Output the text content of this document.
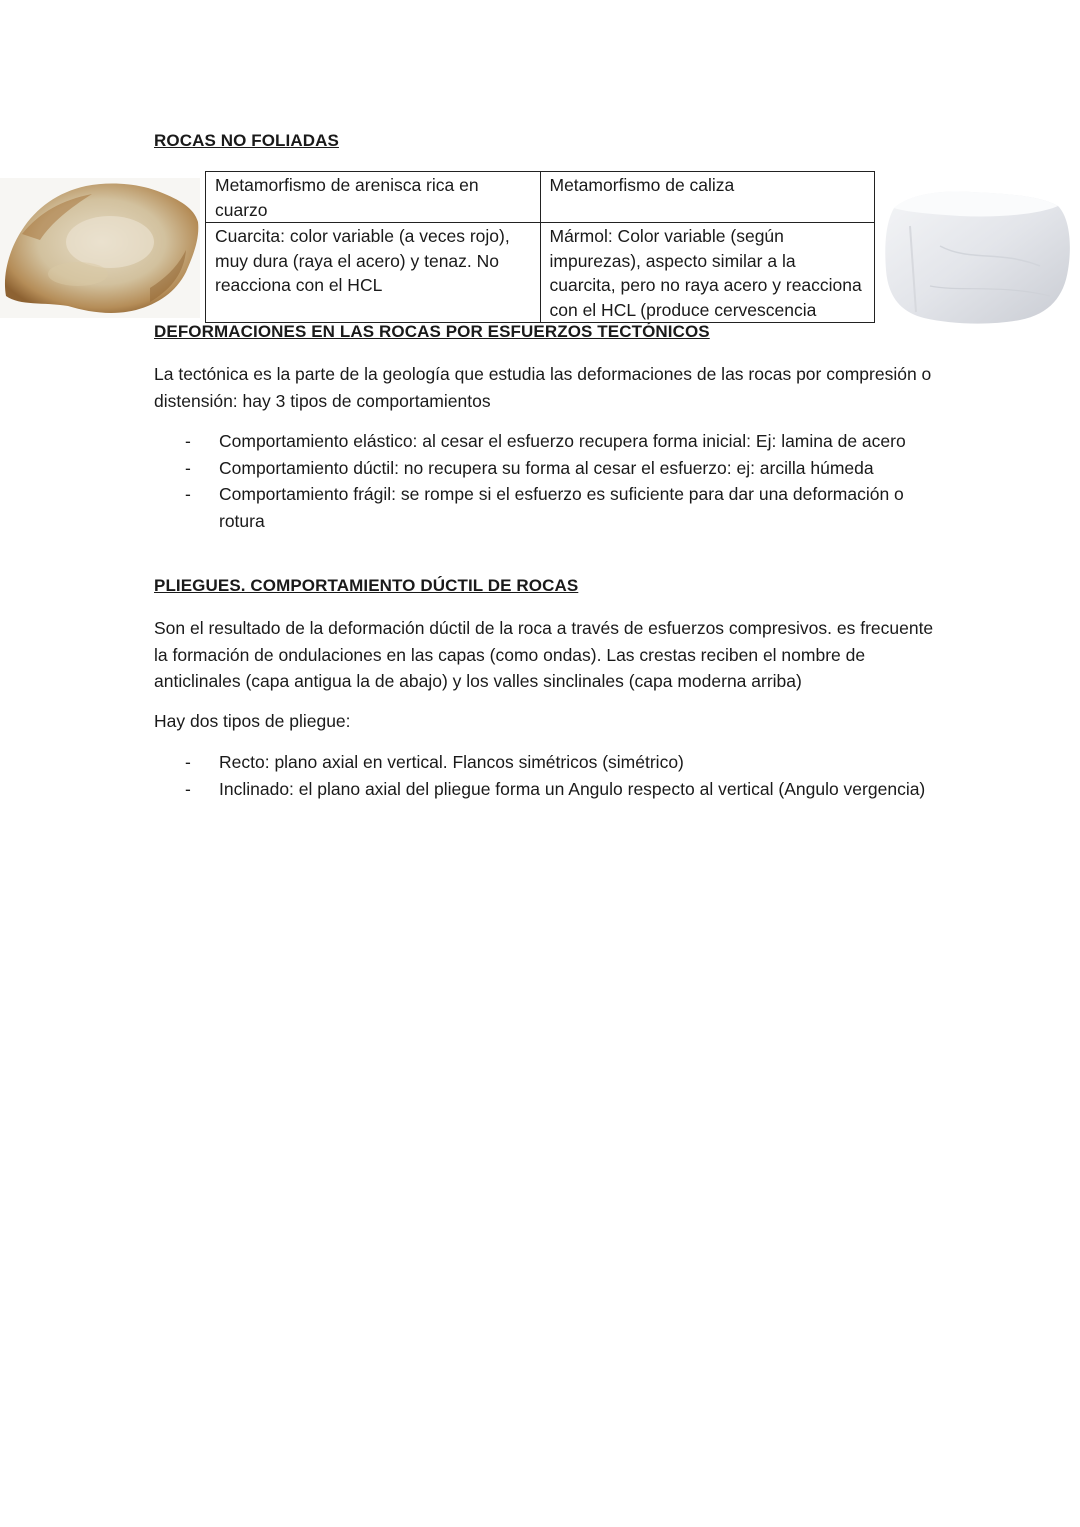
ROCAS NO FOLIADAS
Metamorfismo de arenisca rica en cuarzo	Metamorfismo de caliza
Cuarcita: color variable (a veces rojo), muy dura (raya el acero) y tenaz. No reacciona con el HCL	Mármol: Color variable (según impurezas), aspecto similar a la cuarcita, pero no raya acero y reacciona con el HCL (produce cervescencia
DEFORMACIONES EN LAS ROCAS POR ESFUERZOS TECTÓNICOS
La tectónica es la parte de la geología que estudia las deformaciones de las rocas por compresión o distensión: hay 3 tipos de comportamientos
- Comportamiento elástico: al cesar el esfuerzo recupera forma inicial: Ej: lamina de acero
- Comportamiento dúctil: no recupera su forma al cesar el esfuerzo: ej: arcilla húmeda
- Comportamiento frágil: se rompe si el esfuerzo es suficiente para dar una deformación o rotura
PLIEGUES. COMPORTAMIENTO DÚCTIL DE ROCAS
Son el resultado de la deformación dúctil de la roca a través de esfuerzos compresivos. es frecuente la formación de ondulaciones en las capas (como ondas). Las crestas reciben el nombre de anticlinales (capa antigua la de abajo) y los valles sinclinales (capa moderna arriba)
Hay dos tipos de pliegue:
- Recto: plano axial en vertical. Flancos simétricos (simétrico)
- Inclinado: el plano axial del pliegue forma un Angulo respecto al vertical (Angulo vergencia)
